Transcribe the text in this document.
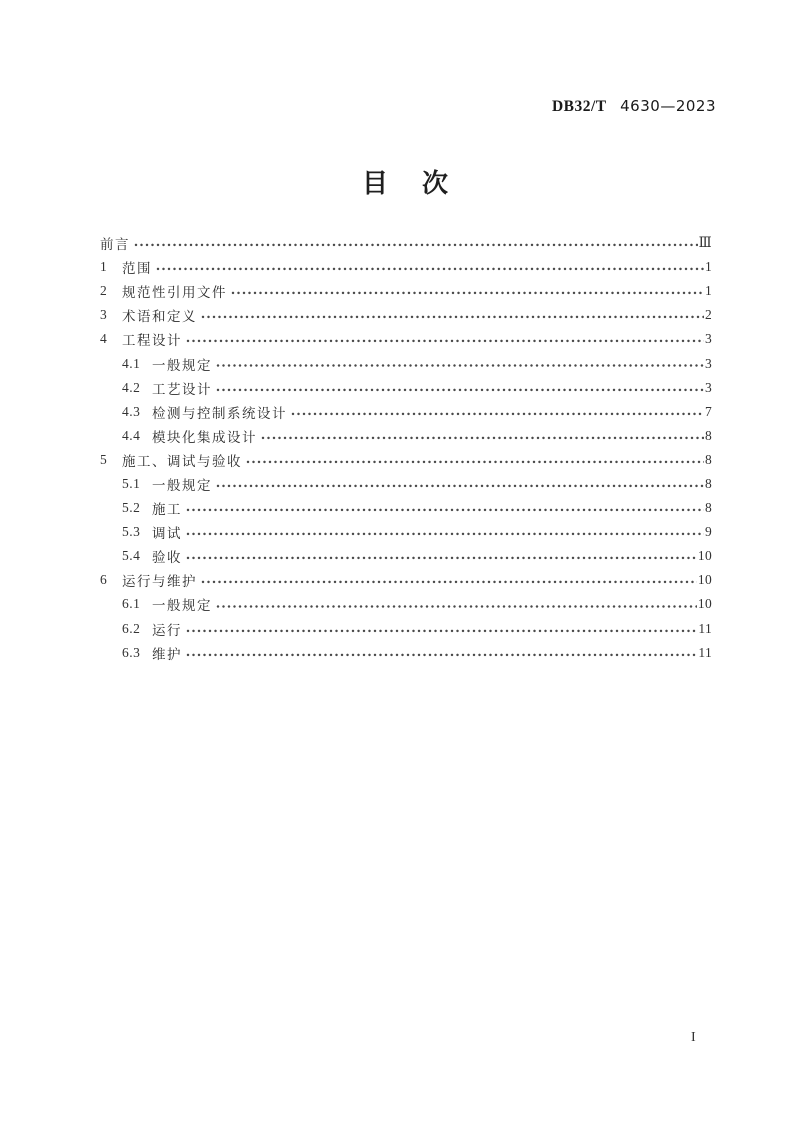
DB32/T 4630—2023
目　次
前言	Ⅲ
1	范围	1
2	规范性引用文件	1
3	术语和定义	2
4	工程设计	3
4.1 一般规定	3
4.2 工艺设计	3
4.3 检测与控制系统设计	7
4.4 模块化集成设计	8
5	施工、调试与验收	8
5.1 一般规定	8
5.2 施工	8
5.3 调试	9
5.4 验收	10
6	运行与维护	10
6.1 一般规定	10
6.2 运行	11
6.3 维护	11
I
